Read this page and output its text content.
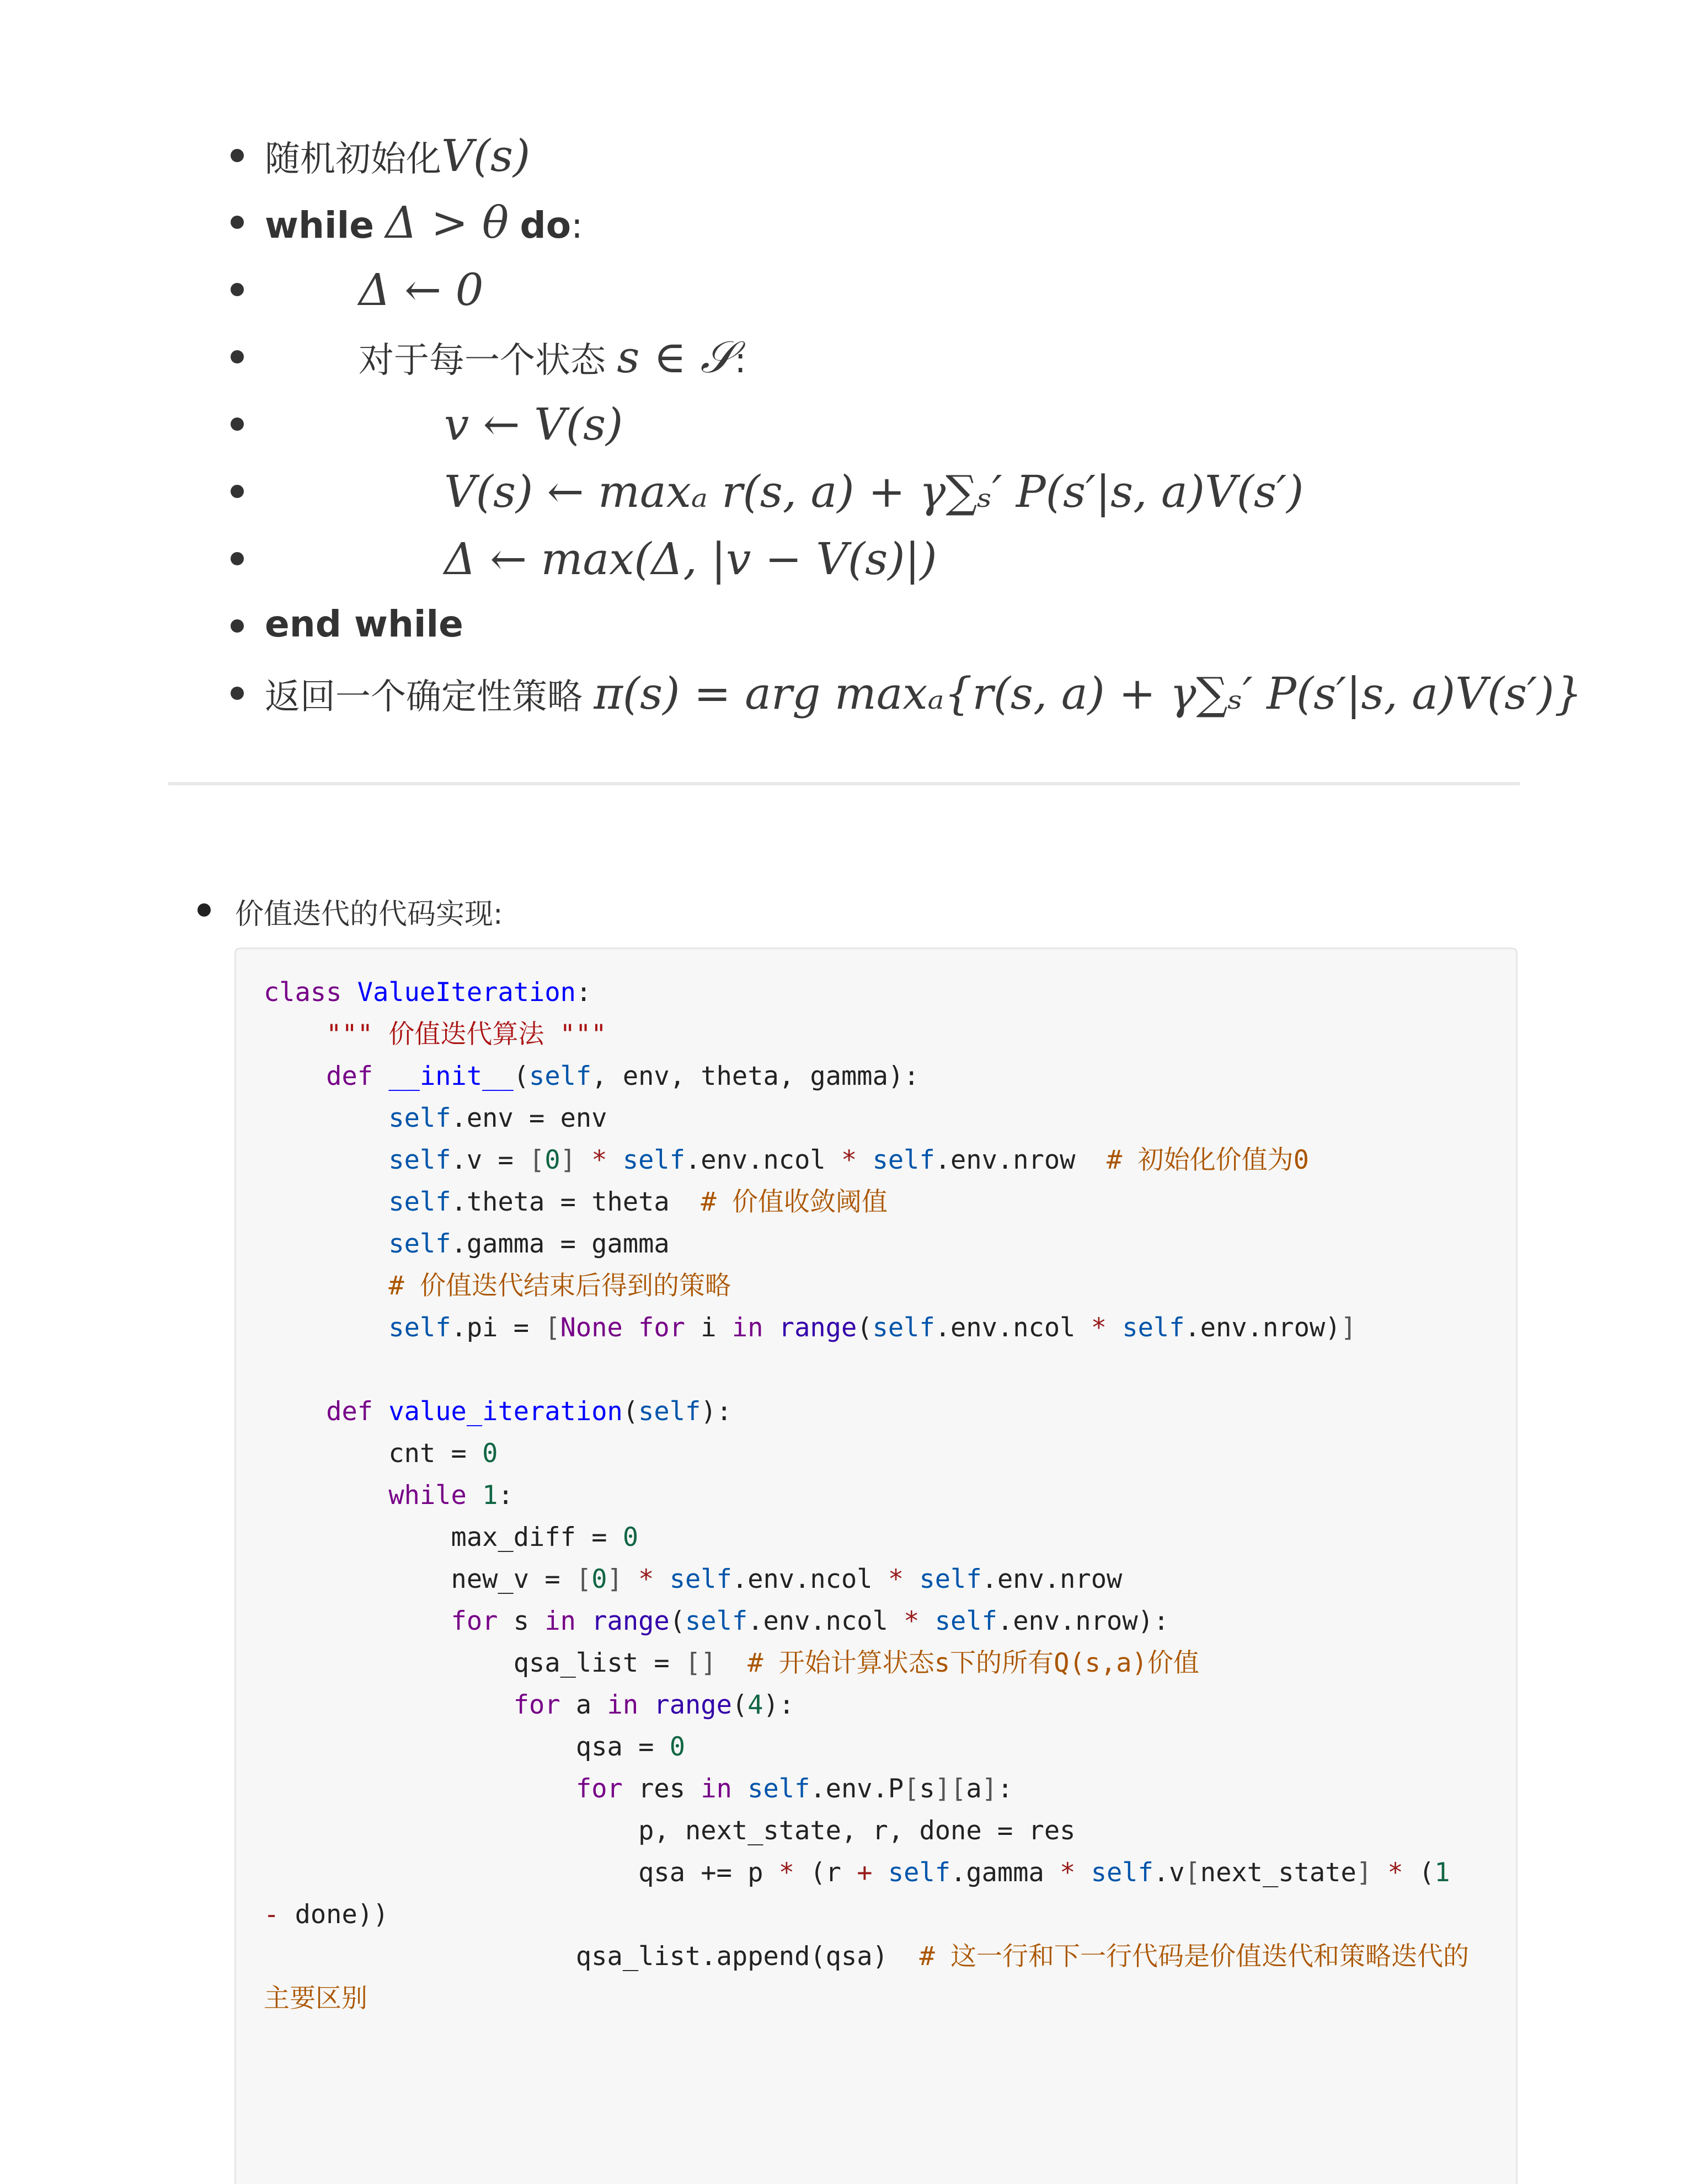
随机初始化V(s)
while Δ > θ do:
Δ ← 0
对于每一个状态 s ∈ 𝒮:
v ← V(s)
V(s) ← maxₐ r(s, a) + γ∑ₛ′ P(s′|s, a)V(s′)
Δ ← max(Δ, |v − V(s)|)
end while
返回一个确定性策略 π(s) = arg maxₐ{r(s, a) + γ∑ₛ′ P(s′|s, a)V(s′)}
价值迭代的代码实现:
class ValueIteration:
""" 价值迭代算法 """
def __init__(self, env, theta, gamma):
self.env = env
self.v = [0] * self.env.ncol * self.env.nrow  # 初始化价值为0
self.theta = theta  # 价值收敛阈值
self.gamma = gamma
# 价值迭代结束后得到的策略
self.pi = [None for i in range(self.env.ncol * self.env.nrow)]

def value_iteration(self):
cnt = 0
while 1:
max_diff = 0
new_v = [0] * self.env.ncol * self.env.nrow
for s in range(self.env.ncol * self.env.nrow):
qsa_list = [] # 开始计算状态s下的所有Q(s,a)价值
for a in range(4):
qsa = 0
for res in self.env.P[s][a]:
p, next_state, r, done = res
qsa += p * (r + self.gamma * self.v[next_state] * (1
- done))
qsa_list.append(qsa)  # 这一行和下一行代码是价值迭代和策略迭代的
主要区别
